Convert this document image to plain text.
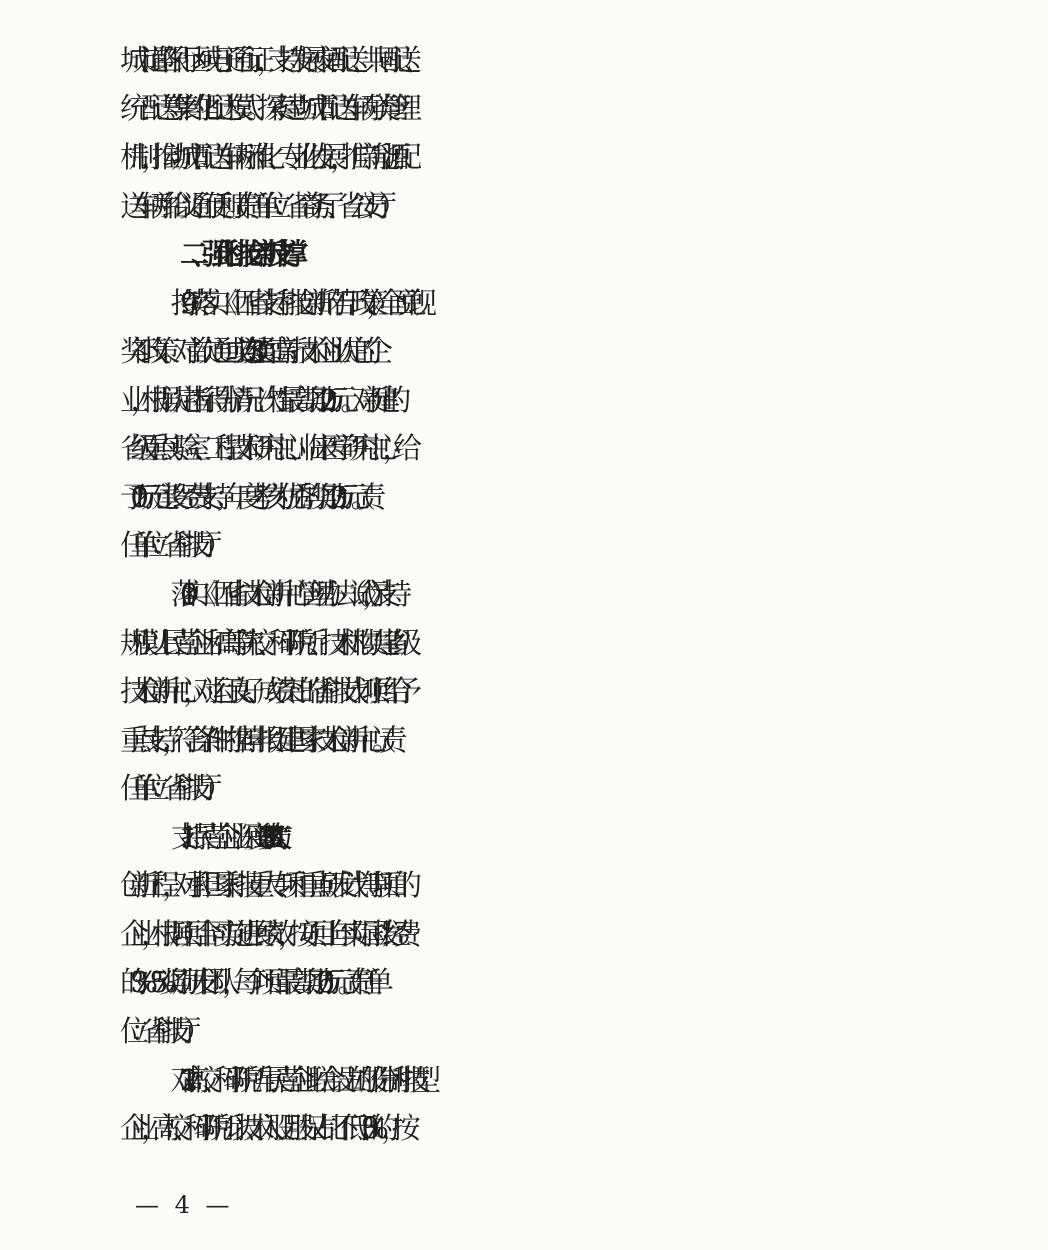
城市道路限行区域电子通行证，支持发展夜间配送、共同配送、
统一配送等集约化配送模式。探索建立城市配送车辆分类管理
机制，推动城市配送车辆标准化、专业化发展，推广新能源配
送车辆并给以通行便利。（责任单位：省商务厅、省公安厅）
二、强化科技创新支撑
9.持续落实《山西省支持科技创新的若干政策》，全面兑现
奖补政策。对首次通过或连续 3 次通过高新技术企业认定的企
业，根据认定指标得分情况一次性最高奖励20万元。对新建的
省级重点实验室、工程技术研究中心、临床医学研究中心，给
予100万元建设经费支持；年度考核为优秀的奖励30万元。（责
任单位：省科技厅）
10.落实《山西省技术创新中心管理办法（试行）》，支持
规模以上民营企业和高等院校、科研院所、技术机构共建省级
技术创新中心，对运行良好、成绩突出的省科技计划项目给予
重点支持，符合条件的推荐申报组建国家技术创新中心。（责
任单位：省科技厅）
11.支持民营企业深度参与“111”“1331”“136”三大
创新工程，对承担国家科技重大专项和重点研发计划等项目的
企业，根据项目合同实施进展绩效，按项目上年实际国拨经费
的3%－5%奖励研发团队，每个项目最高奖励60万元。（责任单
位：省科技厅）
12.对高校、科研院所与民营企业联合设立的股份制科技型
企业，高校、科研院所以技术入股且股权占比不低于30%的，按
— 4 —
